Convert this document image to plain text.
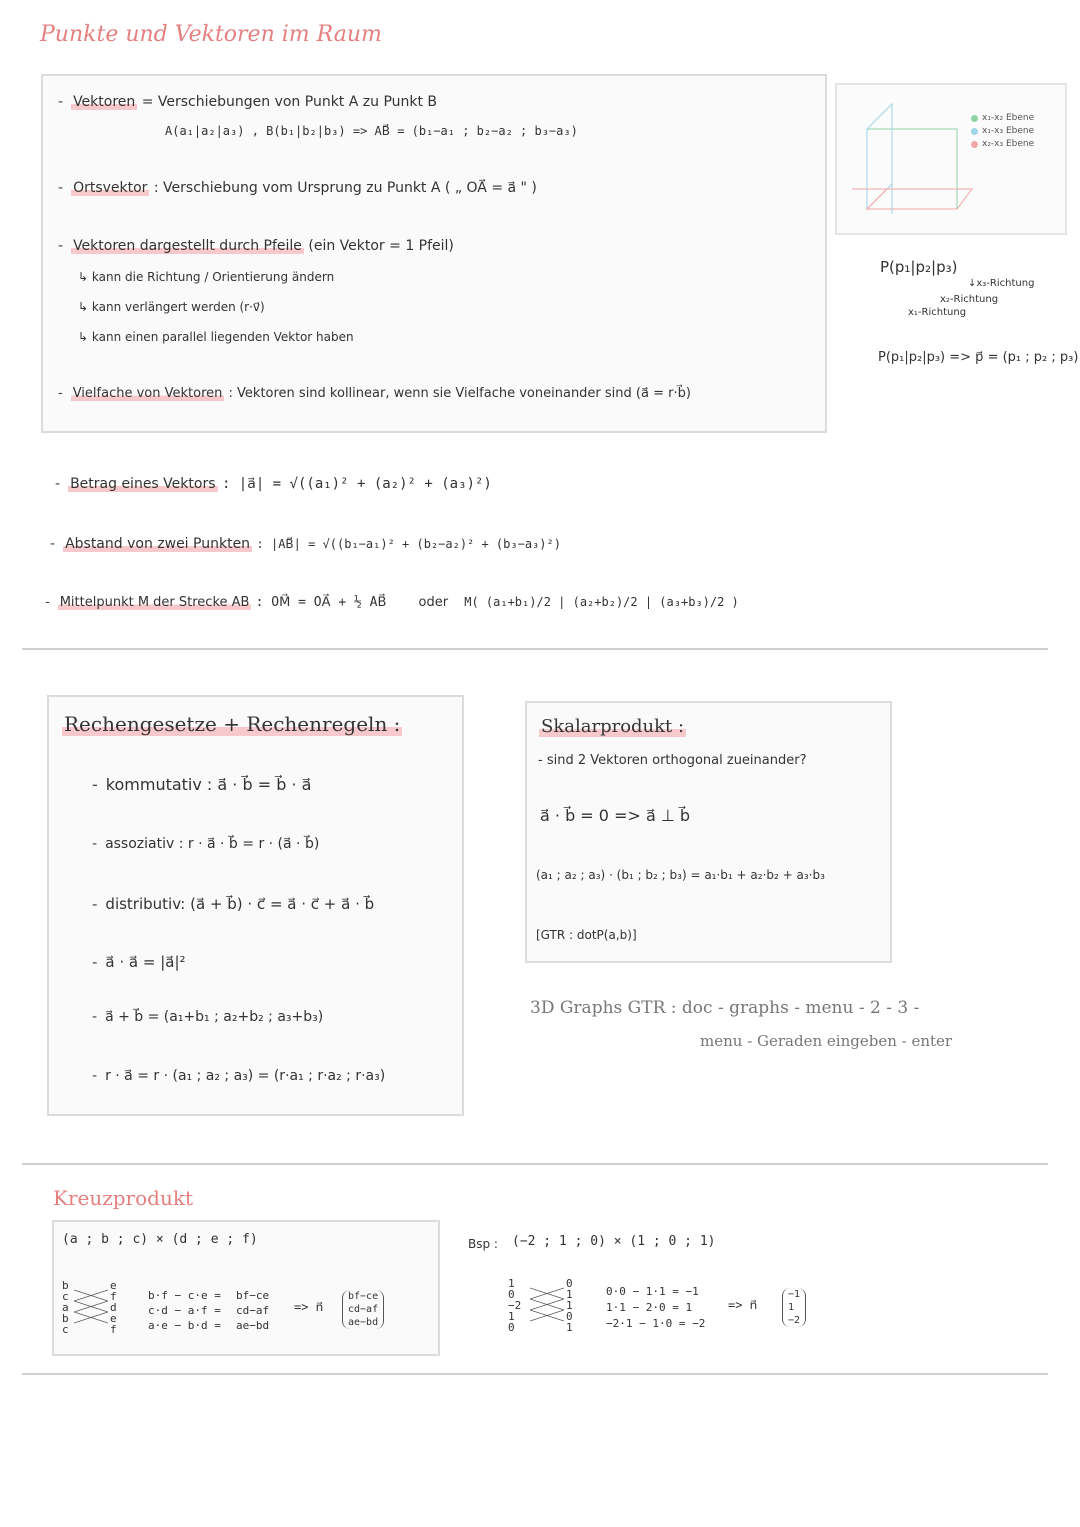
Punkte und Vektoren im Raum
- Vektoren = Verschiebungen von Punkt A zu Punkt B
A(a₁|a₂|a₃) , B(b₁|b₂|b₃) => AB⃗ = (b₁−a₁ ; b₂−a₂ ; b₃−a₃)
- Ortsvektor : Verschiebung vom Ursprung zu Punkt A ( „ OA⃗ = a⃗ " )
- Vektoren dargestellt durch Pfeile (ein Vektor = 1 Pfeil)
↳ kann die Richtung / Orientierung ändern
↳ kann verlängert werden (r·v⃗)
↳ kann einen parallel liegenden Vektor haben
- Vielfache von Vektoren : Vektoren sind kollinear, wenn sie Vielfache voneinander sind (a⃗ = r·b⃗)
x₁-x₂ Ebene
x₁-x₃ Ebene
x₂-x₃ Ebene
P(p₁|p₂|p₃)
↓x₃-Richtung
x₂-Richtung
x₁-Richtung
P(p₁|p₂|p₃) => p⃗ = (p₁ ; p₂ ; p₃)
- Betrag eines Vektors : |a⃗| = √((a₁)² + (a₂)² + (a₃)²)
- Abstand von zwei Punkten : |AB⃗| = √((b₁−a₁)² + (b₂−a₂)² + (b₃−a₃)²)
- Mittelpunkt M der Strecke AB : OM⃗ = OA⃗ + ½ AB⃗ oder M( (a₁+b₁)/2 | (a₂+b₂)/2 | (a₃+b₃)/2 )
Rechengesetze + Rechenregeln :
- kommutativ : a⃗ · b⃗ = b⃗ · a⃗
- assoziativ : r · a⃗ · b⃗ = r · (a⃗ · b⃗)
- distributiv: (a⃗ + b⃗) · c⃗ = a⃗ · c⃗ + a⃗ · b⃗
- a⃗ · a⃗ = |a⃗|²
- a⃗ + b⃗ = (a₁+b₁ ; a₂+b₂ ; a₃+b₃)
- r · a⃗ = r · (a₁ ; a₂ ; a₃) = (r·a₁ ; r·a₂ ; r·a₃)
Skalarprodukt :
- sind 2 Vektoren orthogonal zueinander?
a⃗ · b⃗ = 0 => a⃗ ⊥ b⃗
(a₁ ; a₂ ; a₃) · (b₁ ; b₂ ; b₃) = a₁·b₁ + a₂·b₂ + a₃·b₃
[GTR : dotP(a,b)]
3D Graphs GTR : doc - graphs - menu - 2 - 3 -
menu - Geraden eingeben - enter
Kreuzprodukt
(a ; b ; c) × (d ; e ; f)
b
c
a
b
c
e
f
d
e
f
b·f − c·e =
c·d − a·f =
a·e − b·d =
bf−ce
cd−af
ae−bd
=> n⃗
bf−ce
cd−af
ae−bd
Bsp : (−2 ; 1 ; 0) × (1 ; 0 ; 1)
1
0
−2
1
0
0
1
1
0
1
0·0 − 1·1 = −1
1·1 − 2·0 = 1
−2·1 − 1·0 = −2
=> n⃗
−1
1
−2
